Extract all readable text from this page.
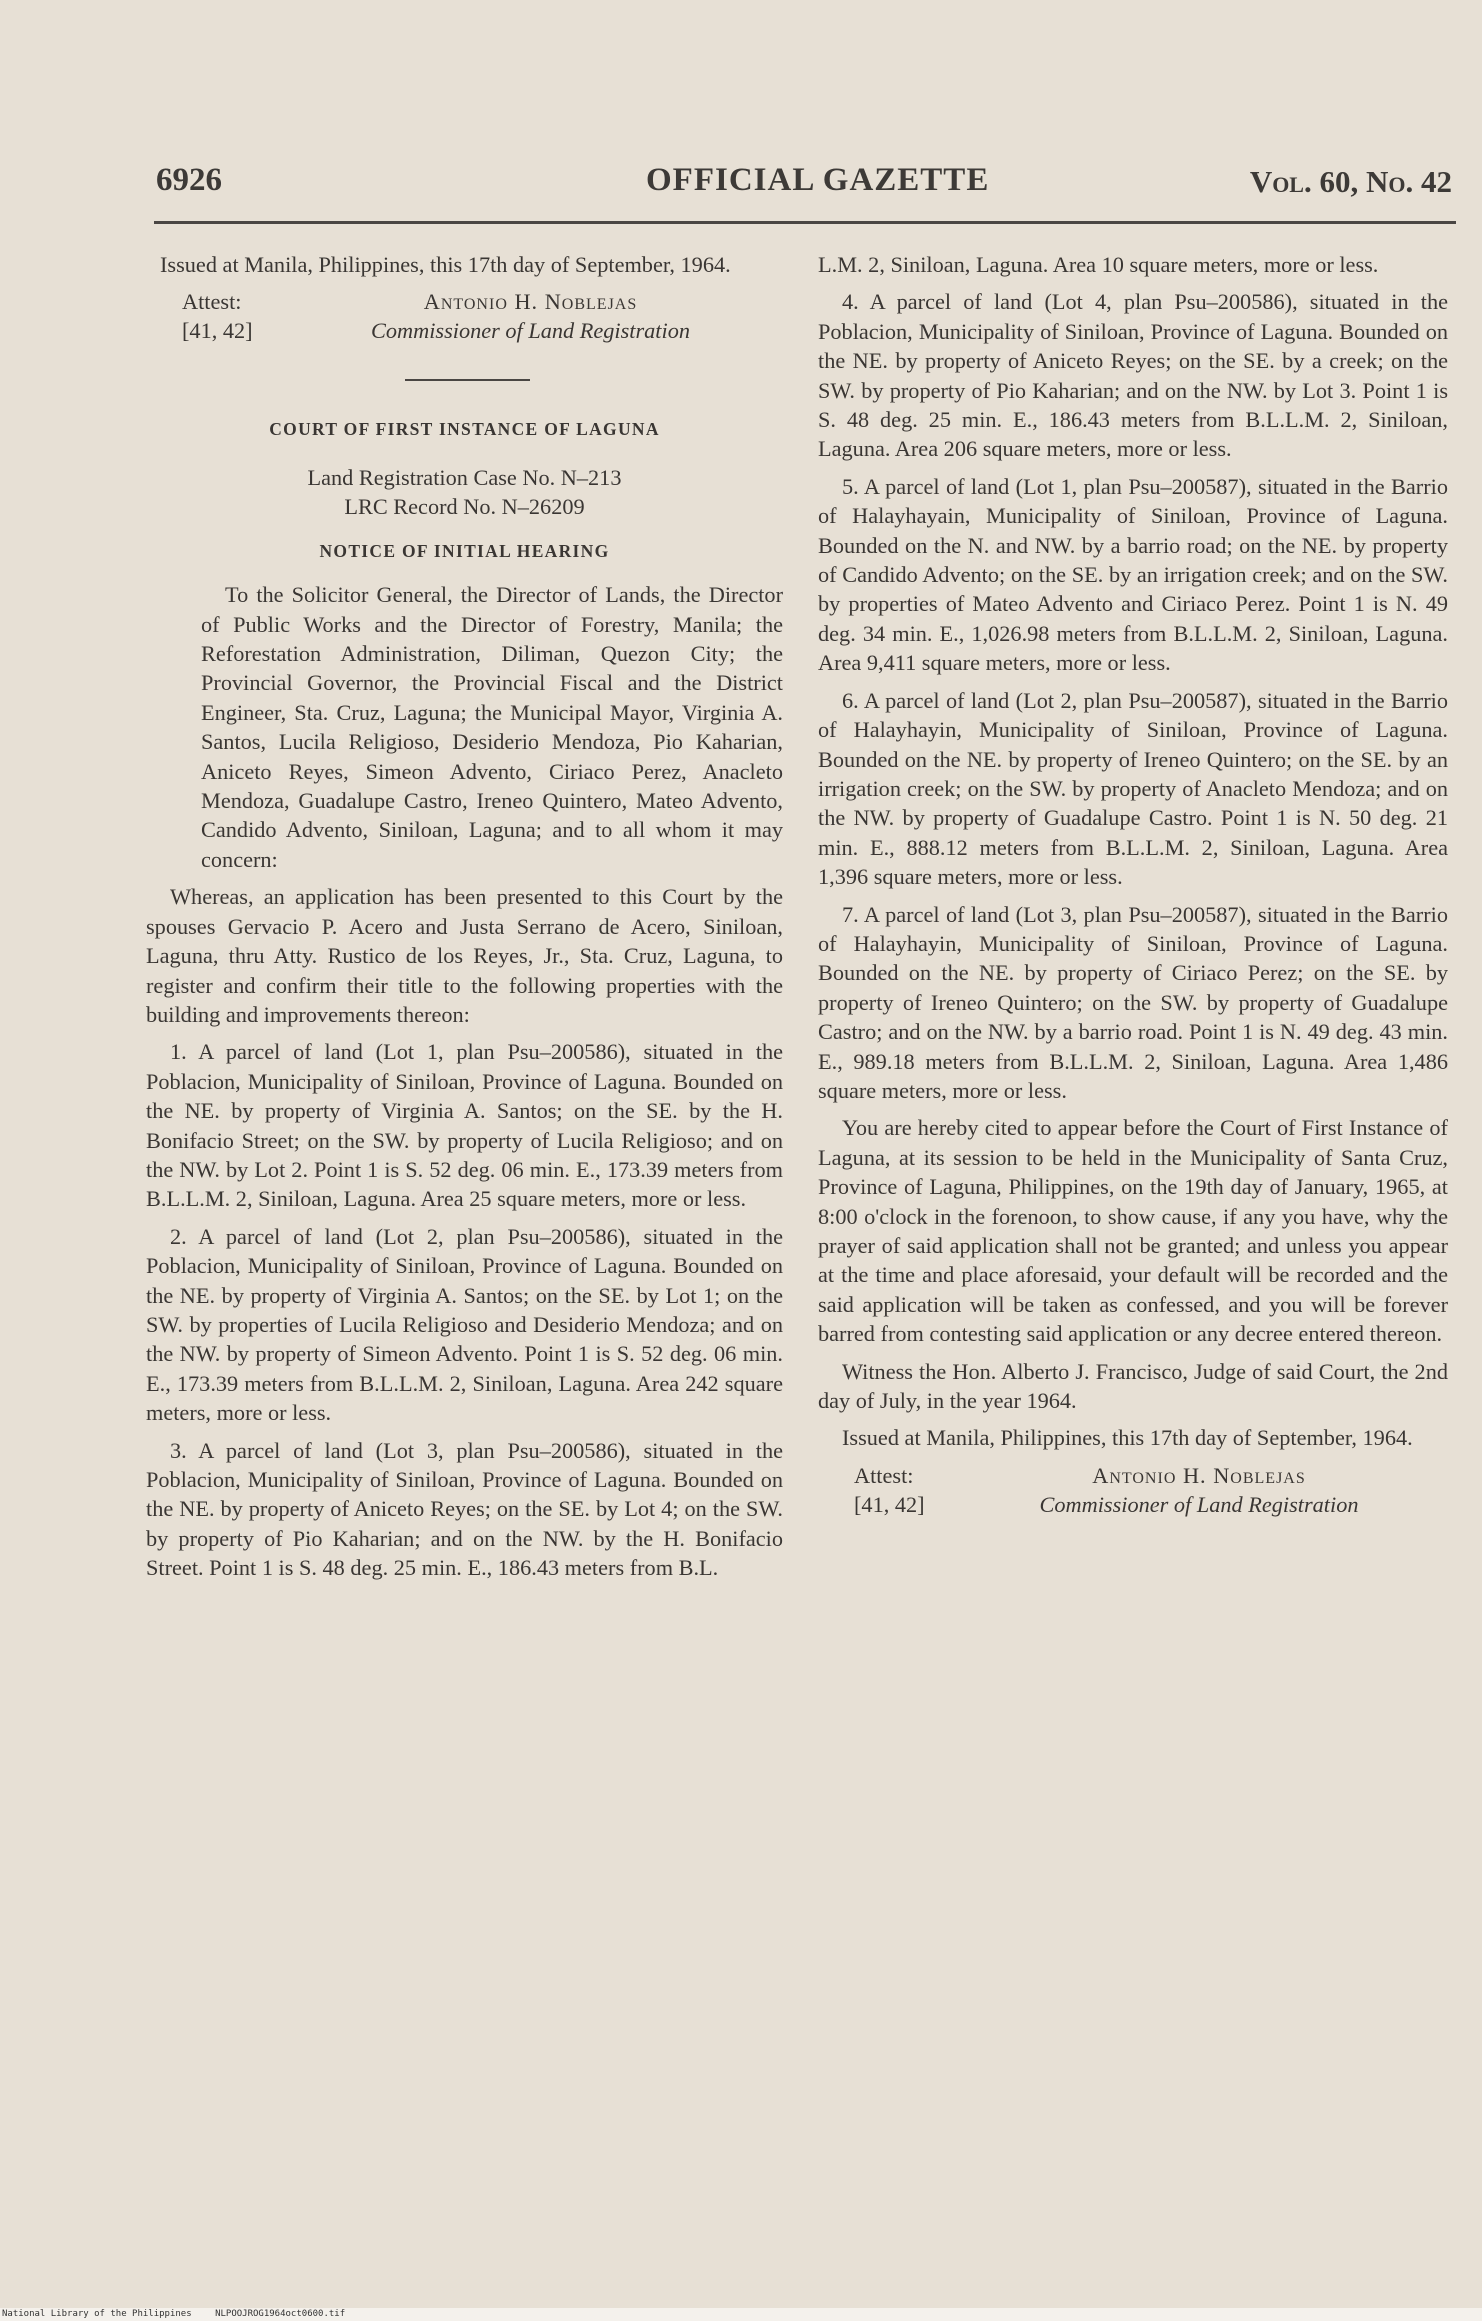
6926	OFFICIAL GAZETTE	Vol. 60, No. 42

Issued at Manila, Philippines, this 17th day of September, 1964.

Attest:	Antonio H. Noblejas
[41, 42]	Commissioner of Land Registration
COURT OF FIRST INSTANCE OF LAGUNA
Land Registration Case No. N–213
LRC Record No. N–26209
NOTICE OF INITIAL HEARING

To the Solicitor General, the Director of Lands, the Director of Public Works and the Director of Forestry, Manila; the Reforestation Administration, Diliman, Quezon City; the Provincial Governor, the Provincial Fiscal and the District Engineer, Sta. Cruz, Laguna; the Municipal Mayor, Virginia A. Santos, Lucila Religioso, Desiderio Mendoza, Pio Kaharian, Aniceto Reyes, Simeon Advento, Ciriaco Perez, Anacleto Mendoza, Guadalupe Castro, Ireneo Quintero, Mateo Advento, Candido Advento, Siniloan, Laguna; and to all whom it may concern:

Whereas, an application has been presented to this Court by the spouses Gervacio P. Acero and Justa Serrano de Acero, Siniloan, Laguna, thru Atty. Rustico de los Reyes, Jr., Sta. Cruz, Laguna, to register and confirm their title to the following properties with the building and improvements thereon:

1. A parcel of land (Lot 1, plan Psu–200586), situated in the Poblacion, Municipality of Siniloan, Province of Laguna. Bounded on the NE. by property of Virginia A. Santos; on the SE. by the H. Bonifacio Street; on the SW. by property of Lucila Religioso; and on the NW. by Lot 2. Point 1 is S. 52 deg. 06 min. E., 173.39 meters from B.L.L.M. 2, Siniloan, Laguna. Area 25 square meters, more or less.

2. A parcel of land (Lot 2, plan Psu–200586), situated in the Poblacion, Municipality of Siniloan, Province of Laguna. Bounded on the NE. by property of Virginia A. Santos; on the SE. by Lot 1; on the SW. by properties of Lucila Religioso and Desiderio Mendoza; and on the NW. by property of Simeon Advento. Point 1 is S. 52 deg. 06 min. E., 173.39 meters from B.L.L.M. 2, Siniloan, Laguna. Area 242 square meters, more or less.

3. A parcel of land (Lot 3, plan Psu–200586), situated in the Poblacion, Municipality of Siniloan, Province of Laguna. Bounded on the NE. by property of Aniceto Reyes; on the SE. by Lot 4; on the SW. by property of Pio Kaharian; and on the NW. by the H. Bonifacio Street. Point 1 is S. 48 deg. 25 min. E., 186.43 meters from B.L.

L.M. 2, Siniloan, Laguna. Area 10 square meters, more or less.

4. A parcel of land (Lot 4, plan Psu–200586), situated in the Poblacion, Municipality of Siniloan, Province of Laguna. Bounded on the NE. by property of Aniceto Reyes; on the SE. by a creek; on the SW. by property of Pio Kaharian; and on the NW. by Lot 3. Point 1 is S. 48 deg. 25 min. E., 186.43 meters from B.L.L.M. 2, Siniloan, Laguna. Area 206 square meters, more or less.

5. A parcel of land (Lot 1, plan Psu–200587), situated in the Barrio of Halayhayain, Municipality of Siniloan, Province of Laguna. Bounded on the N. and NW. by a barrio road; on the NE. by property of Candido Advento; on the SE. by an irrigation creek; and on the SW. by properties of Mateo Advento and Ciriaco Perez. Point 1 is N. 49 deg. 34 min. E., 1,026.98 meters from B.L.L.M. 2, Siniloan, Laguna. Area 9,411 square meters, more or less.

6. A parcel of land (Lot 2, plan Psu–200587), situated in the Barrio of Halayhayin, Municipality of Siniloan, Province of Laguna. Bounded on the NE. by property of Ireneo Quintero; on the SE. by an irrigation creek; on the SW. by property of Anacleto Mendoza; and on the NW. by property of Guadalupe Castro. Point 1 is N. 50 deg. 21 min. E., 888.12 meters from B.L.L.M. 2, Siniloan, Laguna. Area 1,396 square meters, more or less.

7. A parcel of land (Lot 3, plan Psu–200587), situated in the Barrio of Halayhayin, Municipality of Siniloan, Province of Laguna. Bounded on the NE. by property of Ciriaco Perez; on the SE. by property of Ireneo Quintero; on the SW. by property of Guadalupe Castro; and on the NW. by a barrio road. Point 1 is N. 49 deg. 43 min. E., 989.18 meters from B.L.L.M. 2, Siniloan, Laguna. Area 1,486 square meters, more or less.

You are hereby cited to appear before the Court of First Instance of Laguna, at its session to be held in the Municipality of Santa Cruz, Province of Laguna, Philippines, on the 19th day of January, 1965, at 8:00 o'clock in the forenoon, to show cause, if any you have, why the prayer of said application shall not be granted; and unless you appear at the time and place aforesaid, your default will be recorded and the said application will be taken as confessed, and you will be forever barred from contesting said application or any decree entered thereon.

Witness the Hon. Alberto J. Francisco, Judge of said Court, the 2nd day of July, in the year 1964.

Issued at Manila, Philippines, this 17th day of September, 1964.

Attest:	Antonio H. Noblejas
[41, 42]	Commissioner of Land Registration
National Library of the Philippines	NLPOOJROG1964oct0600.tif
